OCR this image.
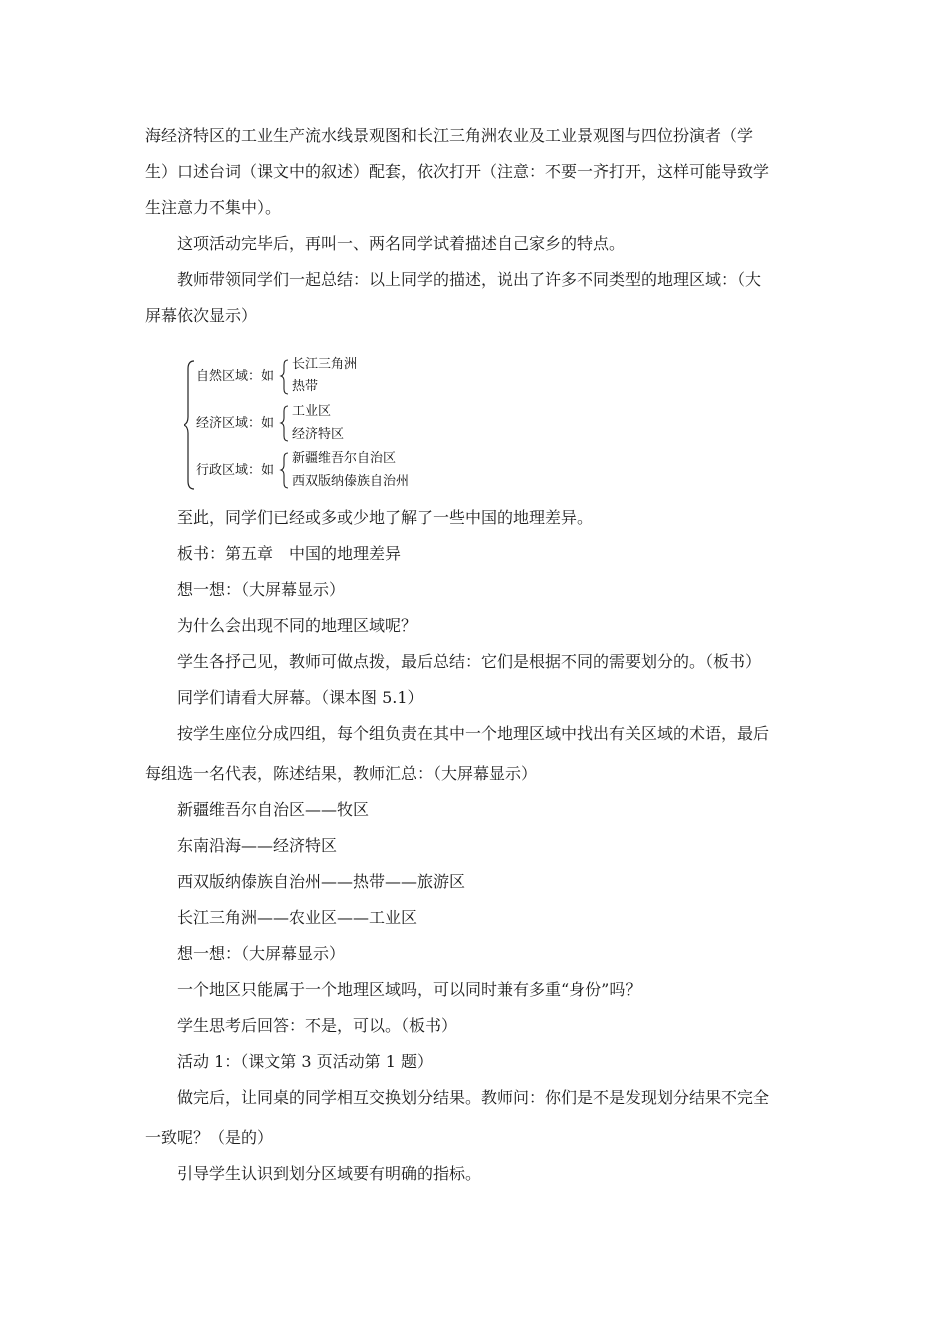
海经济特区的工业生产流水线景观图和长江三角洲农业及工业景观图与四位扮演者（学
生）口述台词（课文中的叙述）配套，依次打开（注意：不要一齐打开，这样可能导致学
生注意力不集中）。
这项活动完毕后，再叫一、两名同学试着描述自己家乡的特点。
教师带领同学们一起总结：以上同学的描述，说出了许多不同类型的地理区域：（大
屏幕依次显示）
自然区域：如
长江三角洲
热带
经济区域：如
工业区
经济特区
行政区域：如
新疆维吾尔自治区
西双版纳傣族自治州
至此，同学们已经或多或少地了解了一些中国的地理差异。
板书：第五章　中国的地理差异
想一想：（大屏幕显示）
为什么会出现不同的地理区域呢？
学生各抒己见，教师可做点拨，最后总结：它们是根据不同的需要划分的。（板书）
同学们请看大屏幕。（课本图 5.1）
按学生座位分成四组，每个组负责在其中一个地理区域中找出有关区域的术语，最后
每组选一名代表，陈述结果，教师汇总：（大屏幕显示）
新疆维吾尔自治区——牧区
东南沿海——经济特区
西双版纳傣族自治州——热带——旅游区
长江三角洲——农业区——工业区
想一想：（大屏幕显示）
一个地区只能属于一个地理区域吗，可以同时兼有多重“身份”吗？
学生思考后回答：不是，可以。（板书）
活动 1：（课文第 3 页活动第 1 题）
做完后，让同桌的同学相互交换划分结果。教师问：你们是不是发现划分结果不完全
一致呢？（是的）
引导学生认识到划分区域要有明确的指标。
